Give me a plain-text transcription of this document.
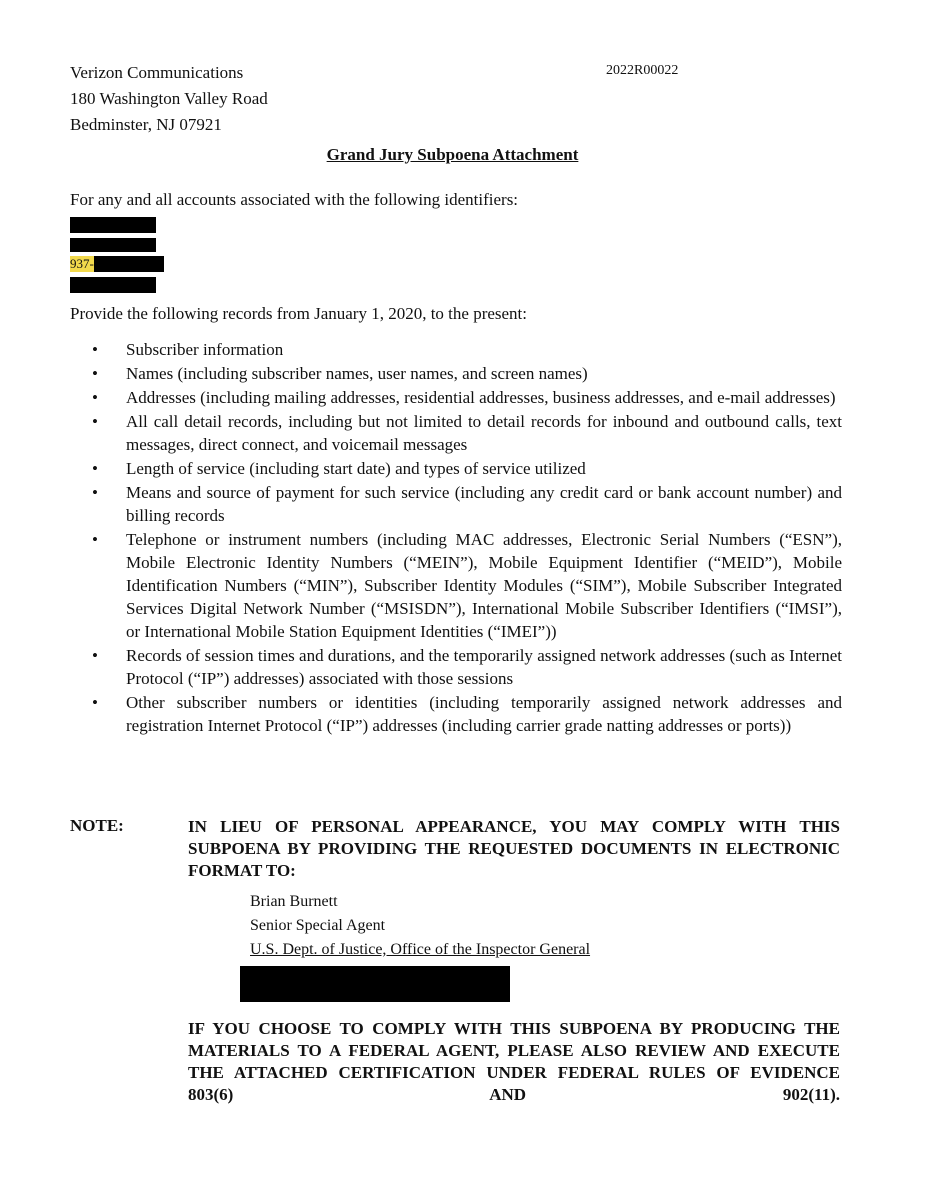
Verizon Communications
180 Washington Valley Road
Bedminster, NJ 07921
2022R00022
Grand Jury Subpoena Attachment
For any and all accounts associated with the following identifiers:
937-
Provide the following records from January 1, 2020, to the present:
• Subscriber information
• Names (including subscriber names, user names, and screen names)
• Addresses (including mailing addresses, residential addresses, business addresses, and e-mail addresses)
• All call detail records, including but not limited to detail records for inbound and outbound calls, text messages, direct connect, and voicemail messages
• Length of service (including start date) and types of service utilized
• Means and source of payment for such service (including any credit card or bank account number) and billing records
• Telephone or instrument numbers (including MAC addresses, Electronic Serial Numbers (“ESN”), Mobile Electronic Identity Numbers (“MEIN”), Mobile Equipment Identifier (“MEID”), Mobile Identification Numbers (“MIN”), Subscriber Identity Modules (“SIM”), Mobile Subscriber Integrated Services Digital Network Number (“MSISDN”), International Mobile Subscriber Identifiers (“IMSI”), or International Mobile Station Equipment Identities (“IMEI”))
• Records of session times and durations, and the temporarily assigned network addresses (such as Internet Protocol (“IP”) addresses) associated with those sessions
• Other subscriber numbers or identities (including temporarily assigned network addresses and registration Internet Protocol (“IP”) addresses (including carrier grade natting addresses or ports))
NOTE:	IN LIEU OF PERSONAL APPEARANCE, YOU MAY COMPLY WITH THIS SUBPOENA BY PROVIDING THE REQUESTED DOCUMENTS IN ELECTRONIC FORMAT TO:
Brian Burnett
Senior Special Agent
U.S. Dept. of Justice, Office of the Inspector General
IF YOU CHOOSE TO COMPLY WITH THIS SUBPOENA BY PRODUCING THE MATERIALS TO A FEDERAL AGENT, PLEASE ALSO REVIEW AND EXECUTE THE ATTACHED CERTIFICATION UNDER FEDERAL RULES OF EVIDENCE 803(6) AND 902(11).
